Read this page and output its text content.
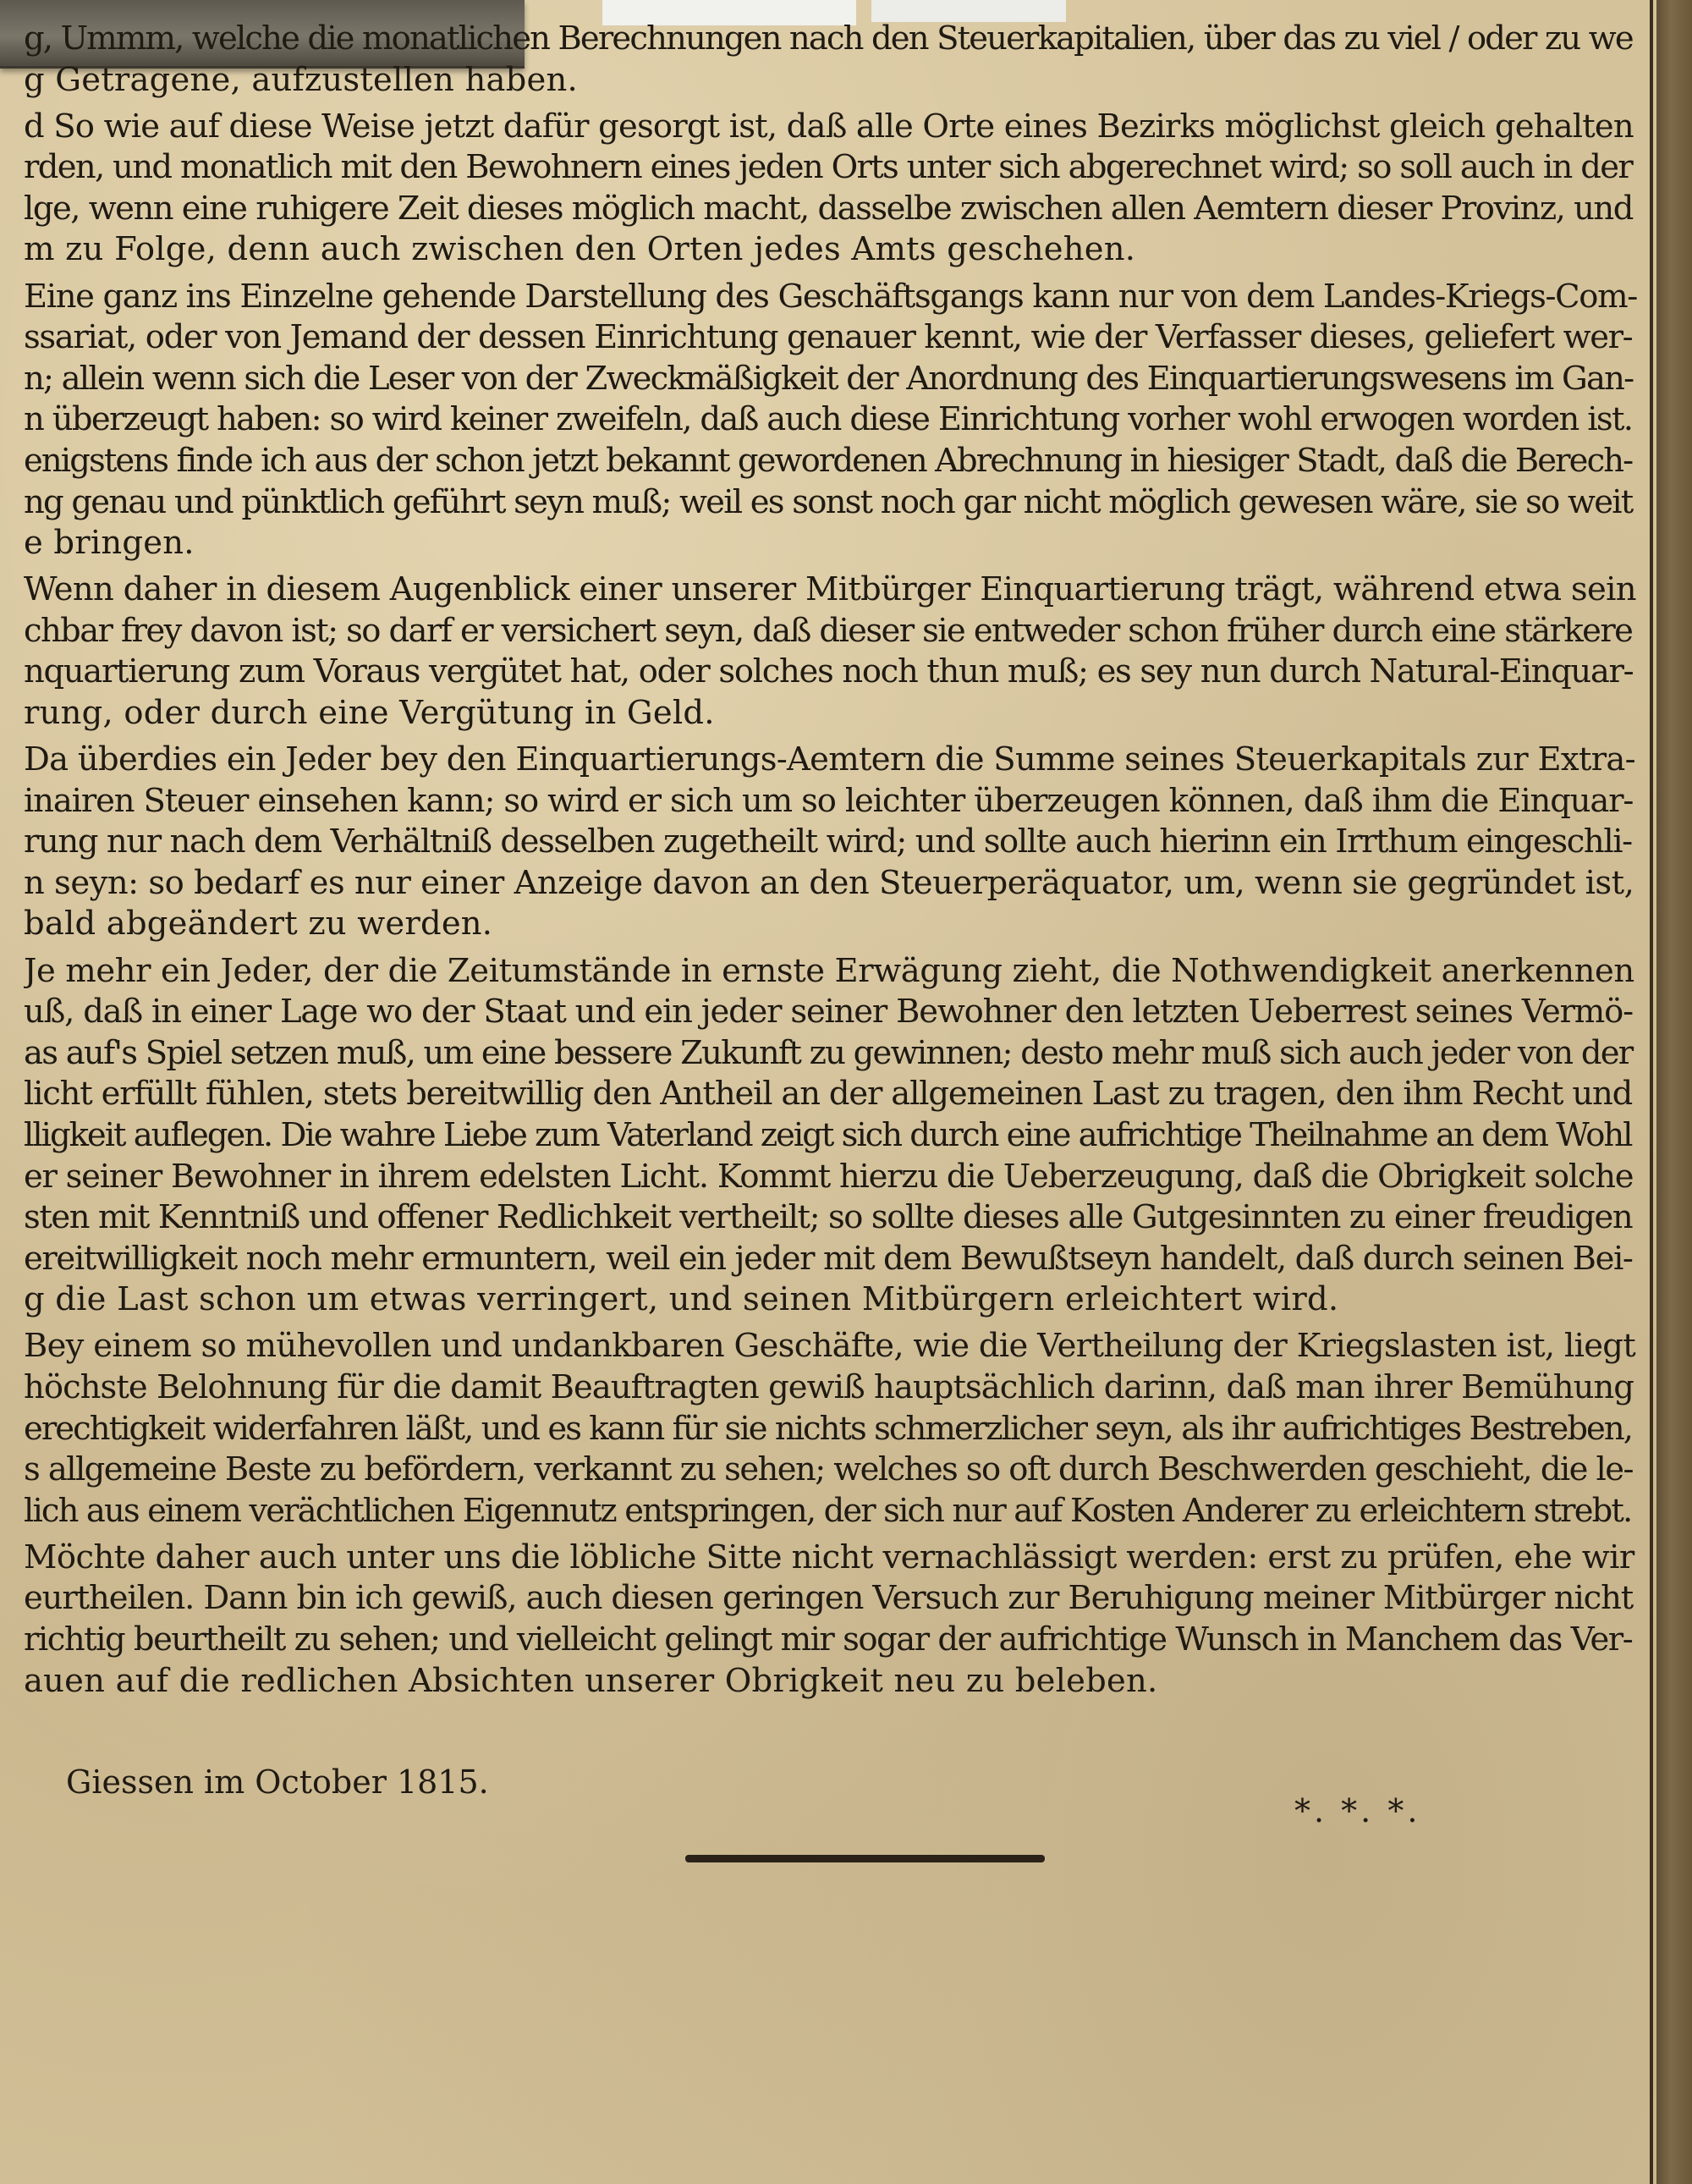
g, Ummm, welche die monatlichen Berechnungen nach den Steuerkapitalien, über das zu viel / oder zu we
g Getragene, aufzustellen haben.
d So wie auf diese Weise jetzt dafür gesorgt ist, daß alle Orte eines Bezirks möglichst gleich gehalten
rden, und monatlich mit den Bewohnern eines jeden Orts unter sich abgerechnet wird; so soll auch in der
lge, wenn eine ruhigere Zeit dieses möglich macht, dasselbe zwischen allen Aemtern dieser Provinz, und
m zu Folge, denn auch zwischen den Orten jedes Amts geschehen.
Eine ganz ins Einzelne gehende Darstellung des Geschäftsgangs kann nur von dem Landes-Kriegs-Com-
ssariat, oder von Jemand der dessen Einrichtung genauer kennt, wie der Verfasser dieses, geliefert wer-
n; allein wenn sich die Leser von der Zweckmäßigkeit der Anordnung des Einquartierungswesens im Gan-
n überzeugt haben: so wird keiner zweifeln, daß auch diese Einrichtung vorher wohl erwogen worden ist.
enigstens finde ich aus der schon jetzt bekannt gewordenen Abrechnung in hiesiger Stadt, daß die Berech-
ng genau und pünktlich geführt seyn muß; weil es sonst noch gar nicht möglich gewesen wäre, sie so weit
e bringen.
Wenn daher in diesem Augenblick einer unserer Mitbürger Einquartierung trägt, während etwa sein
chbar frey davon ist; so darf er versichert seyn, daß dieser sie entweder schon früher durch eine stärkere
nquartierung zum Voraus vergütet hat, oder solches noch thun muß; es sey nun durch Natural-Einquar-
rung, oder durch eine Vergütung in Geld.
Da überdies ein Jeder bey den Einquartierungs-Aemtern die Summe seines Steuerkapitals zur Extra-
inairen Steuer einsehen kann; so wird er sich um so leichter überzeugen können, daß ihm die Einquar-
rung nur nach dem Verhältniß desselben zugetheilt wird; und sollte auch hierinn ein Irrthum eingeschli-
n seyn: so bedarf es nur einer Anzeige davon an den Steuerperäquator, um, wenn sie gegründet ist,
bald abgeändert zu werden.
Je mehr ein Jeder, der die Zeitumstände in ernste Erwägung zieht, die Nothwendigkeit anerkennen
uß, daß in einer Lage wo der Staat und ein jeder seiner Bewohner den letzten Ueberrest seines Vermö-
as auf's Spiel setzen muß, um eine bessere Zukunft zu gewinnen; desto mehr muß sich auch jeder von der
licht erfüllt fühlen, stets bereitwillig den Antheil an der allgemeinen Last zu tragen, den ihm Recht und
lligkeit auflegen. Die wahre Liebe zum Vaterland zeigt sich durch eine aufrichtige Theilnahme an dem Wohl
er seiner Bewohner in ihrem edelsten Licht. Kommt hierzu die Ueberzeugung, daß die Obrigkeit solche
sten mit Kenntniß und offener Redlichkeit vertheilt; so sollte dieses alle Gutgesinnten zu einer freudigen
ereitwilligkeit noch mehr ermuntern, weil ein jeder mit dem Bewußtseyn handelt, daß durch seinen Bei-
g die Last schon um etwas verringert, und seinen Mitbürgern erleichtert wird.
Bey einem so mühevollen und undankbaren Geschäfte, wie die Vertheilung der Kriegslasten ist, liegt
höchste Belohnung für die damit Beauftragten gewiß hauptsächlich darinn, daß man ihrer Bemühung
erechtigkeit widerfahren läßt, und es kann für sie nichts schmerzlicher seyn, als ihr aufrichtiges Bestreben,
s allgemeine Beste zu befördern, verkannt zu sehen; welches so oft durch Beschwerden geschieht, die le-
lich aus einem verächtlichen Eigennutz entspringen, der sich nur auf Kosten Anderer zu erleichtern strebt.
Möchte daher auch unter uns die löbliche Sitte nicht vernachlässigt werden: erst zu prüfen, ehe wir
eurtheilen. Dann bin ich gewiß, auch diesen geringen Versuch zur Beruhigung meiner Mitbürger nicht
richtig beurtheilt zu sehen; und vielleicht gelingt mir sogar der aufrichtige Wunsch in Manchem das Ver-
auen auf die redlichen Absichten unserer Obrigkeit neu zu beleben.
Giessen im October 1815.
*. *. *.
